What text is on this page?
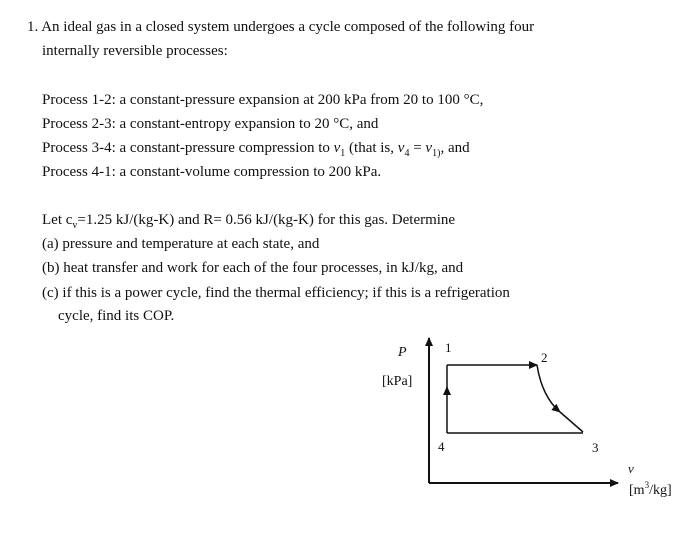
1. An ideal gas in a closed system undergoes a cycle composed of the following four
internally reversible processes:
Process 1-2: a constant-pressure expansion at 200 kPa from 20 to 100 °C,
Process 2-3: a constant-entropy expansion to 20 °C, and
Process 3-4: a constant-pressure compression to $v_1$ (that is, $v_4 = v_{1)}$, and
Process 4-1: a constant-volume compression to 200 kPa.
Let $c_v=1.25$ kJ/(kg-K) and R= 0.56 kJ/(kg-K) for this gas. Determine
(a) pressure and temperature at each state, and
(b) heat transfer and work for each of the four processes, in kJ/kg, and
(c) if this is a power cycle, find the thermal efficiency; if this is a refrigeration
cycle, find its COP.
P
[kPa]
1
2
3
4
v
$[m^3/kg]$
